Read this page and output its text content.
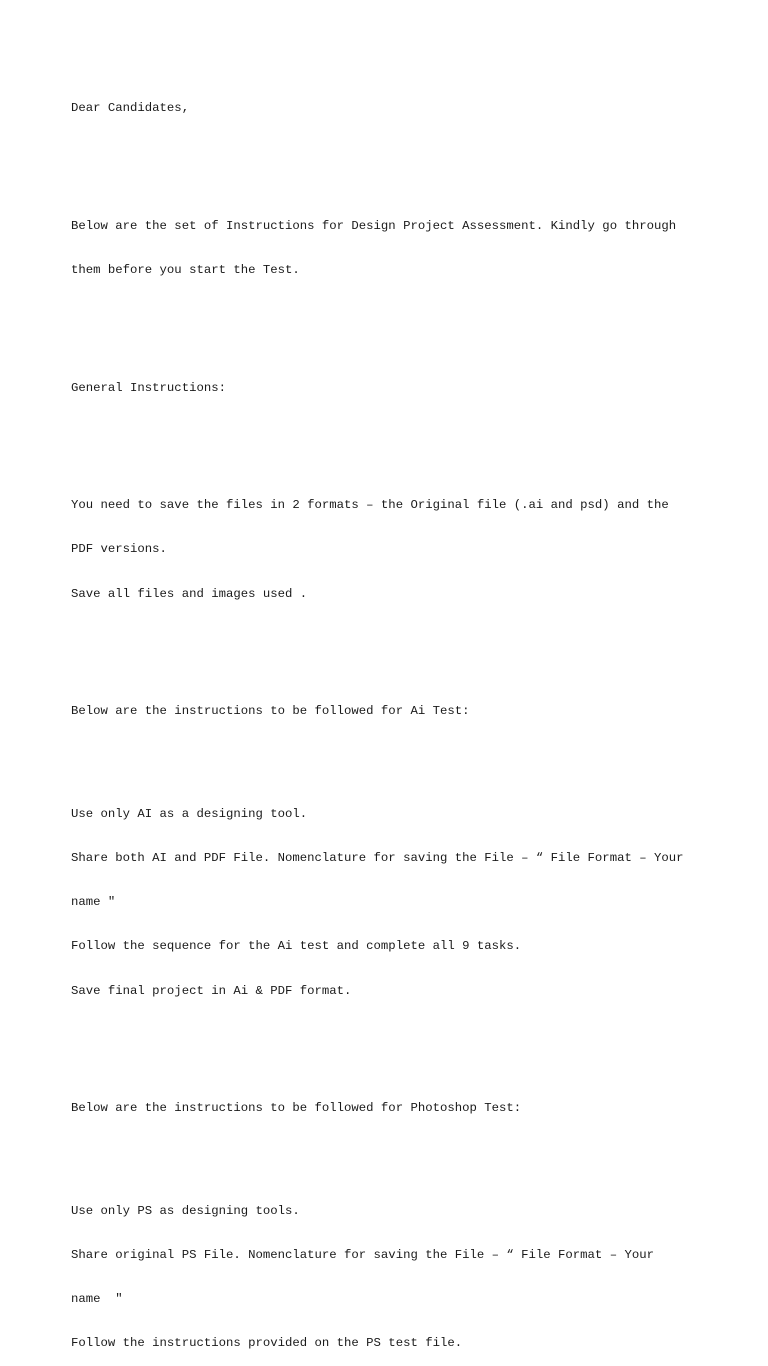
Dear Candidates,

Below are the set of Instructions for Design Project Assessment. Kindly go through

them before you start the Test.

General Instructions:

You need to save the files in 2 formats – the Original file (.ai and psd) and the

PDF versions.

Save all files and images used .

Below are the instructions to be followed for Ai Test:

Use only AI as a designing tool.

Share both AI and PDF File. Nomenclature for saving the File – “ File Format – Your

name "

Follow the sequence for the Ai test and complete all 9 tasks.

Save final project in Ai & PDF format.

Below are the instructions to be followed for Photoshop Test:

Use only PS as designing tools.

Share original PS File. Nomenclature for saving the File – “ File Format – Your

name  "

Follow the instructions provided on the PS test file.
